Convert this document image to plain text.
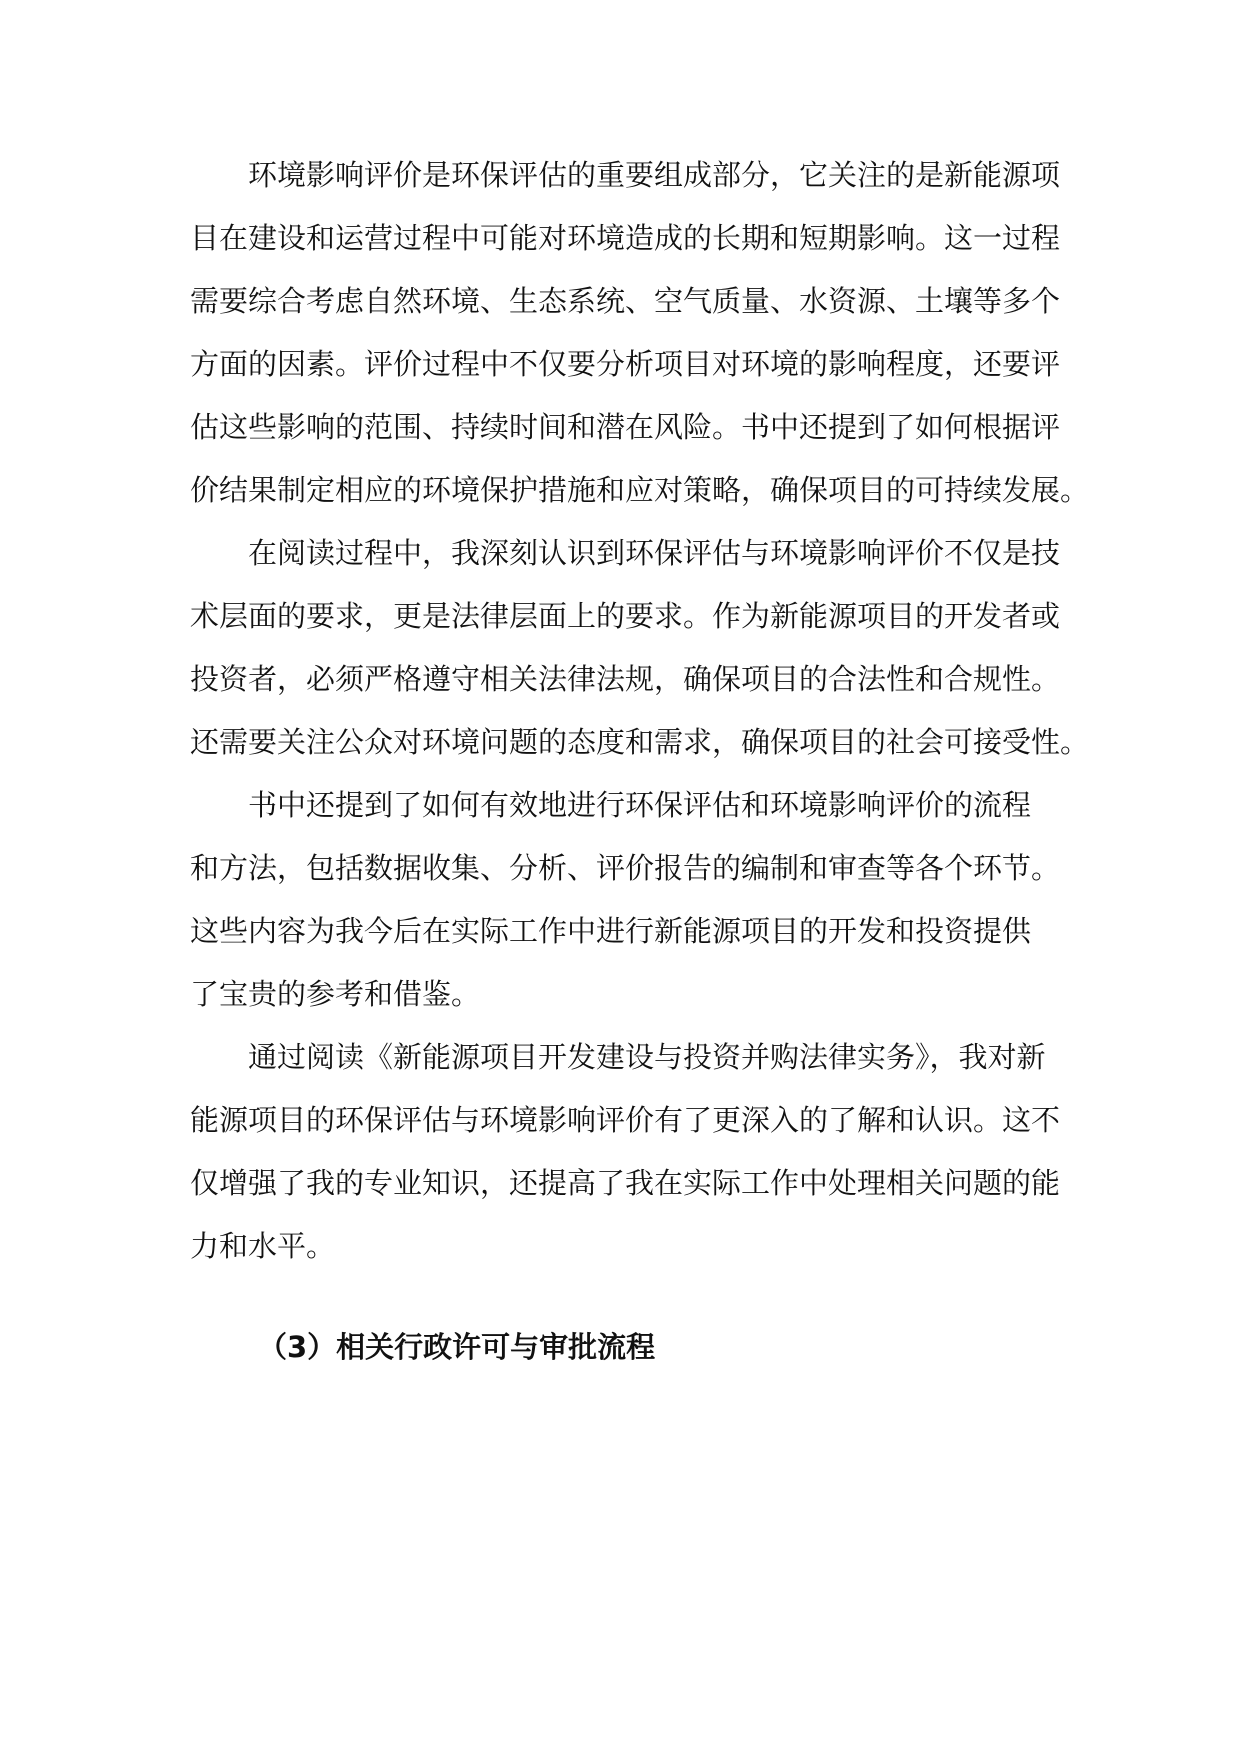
环境影响评价是环保评估的重要组成部分，它关注的是新能源项
目在建设和运营过程中可能对环境造成的长期和短期影响。这一过程
需要综合考虑自然环境、生态系统、空气质量、水资源、土壤等多个
方面的因素。评价过程中不仅要分析项目对环境的影响程度，还要评
估这些影响的范围、持续时间和潜在风险。书中还提到了如何根据评
价结果制定相应的环境保护措施和应对策略，确保项目的可持续发展。
在阅读过程中，我深刻认识到环保评估与环境影响评价不仅是技
术层面的要求，更是法律层面上的要求。作为新能源项目的开发者或
投资者，必须严格遵守相关法律法规，确保项目的合法性和合规性。
还需要关注公众对环境问题的态度和需求，确保项目的社会可接受性。
书中还提到了如何有效地进行环保评估和环境影响评价的流程
和方法，包括数据收集、分析、评价报告的编制和审查等各个环节。
这些内容为我今后在实际工作中进行新能源项目的开发和投资提供
了宝贵的参考和借鉴。
通过阅读《新能源项目开发建设与投资并购法律实务》，我对新
能源项目的环保评估与环境影响评价有了更深入的了解和认识。这不
仅增强了我的专业知识，还提高了我在实际工作中处理相关问题的能
力和水平。
（3）相关行政许可与审批流程
